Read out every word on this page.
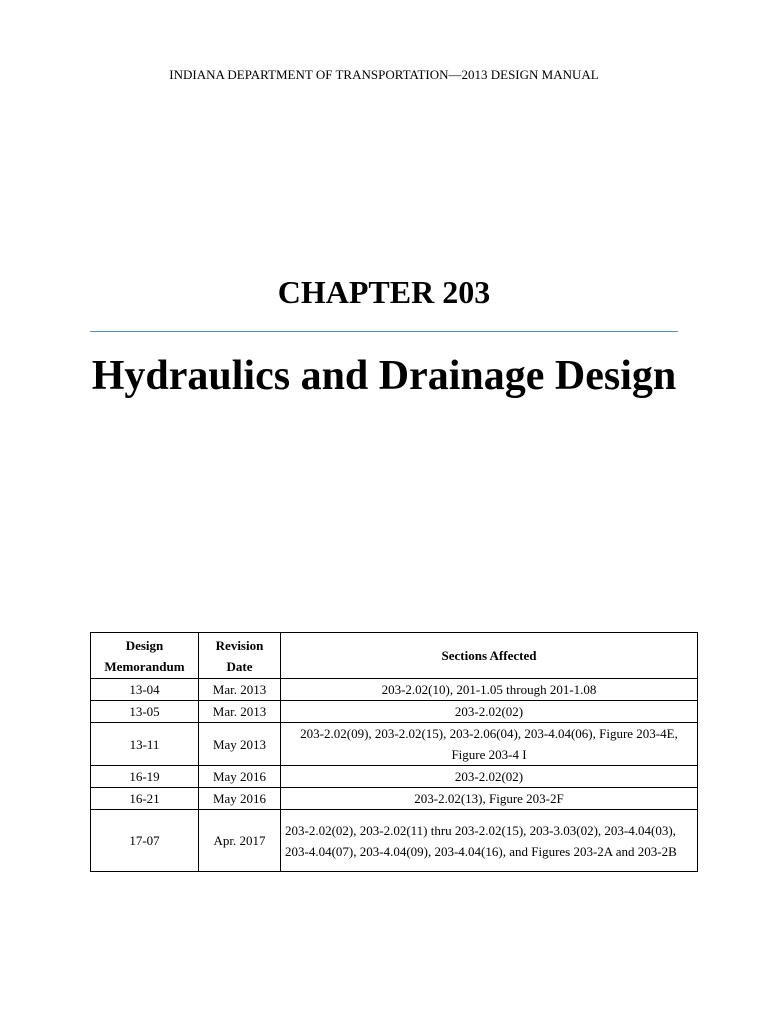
INDIANA DEPARTMENT OF TRANSPORTATION—2013 DESIGN MANUAL
CHAPTER 203
Hydraulics and Drainage Design
Design Memorandum	Revision Date	Sections Affected
13-04	Mar. 2013	203-2.02(10), 201-1.05 through 201-1.08
13-05	Mar. 2013	203-2.02(02)
13-11	May 2013	203-2.02(09), 203-2.02(15), 203-2.06(04), 203-4.04(06), Figure 203-4E, Figure 203-4 I
16-19	May 2016	203-2.02(02)
16-21	May 2016	203-2.02(13), Figure 203-2F
17-07	Apr. 2017	203-2.02(02), 203-2.02(11) thru 203-2.02(15), 203-3.03(02), 203-4.04(03), 203-4.04(07), 203-4.04(09), 203-4.04(16), and Figures 203-2A and 203-2B
